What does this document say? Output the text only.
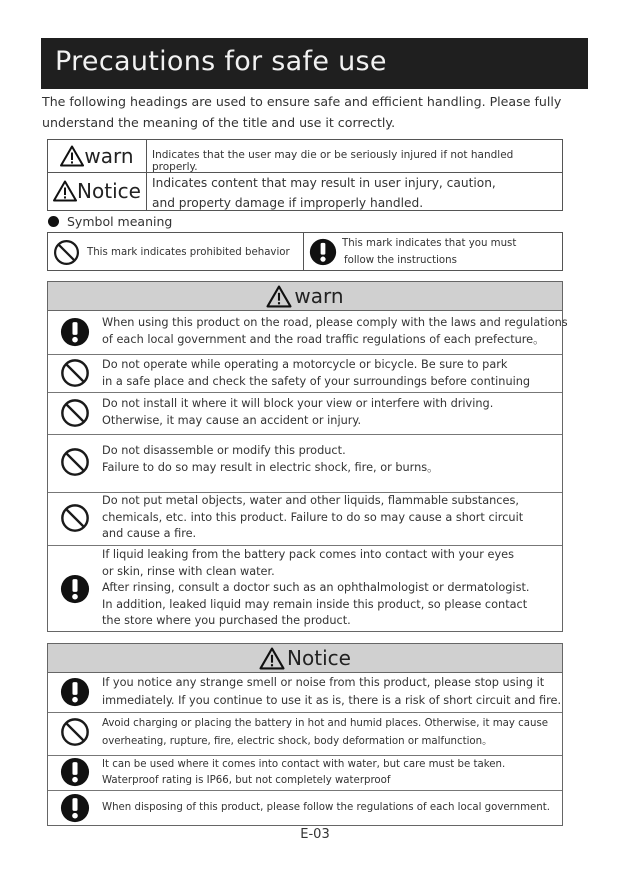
Precautions for safe use
The following headings are used to ensure safe and efficient handling. Please fully understand the meaning of the title and use it correctly.
warn Indicates that the user may die or be seriously injured if not handled properly.
Notice Indicates content that may result in user injury, caution,
and property damage if improperly handled.
Symbol meaning
This mark indicates prohibited behavior
This mark indicates that you must
follow the instructions
warn
When using this product on the road, please comply with the laws and regulations
of each local government and the road traffic regulations of each prefecture。
Do not operate while operating a motorcycle or bicycle. Be sure to park
in a safe place and check the safety of your surroundings before continuing
Do not install it where it will block your view or interfere with driving.
Otherwise, it may cause an accident or injury.
Do not disassemble or modify this product.
Failure to do so may result in electric shock, fire, or burns。
Do not put metal objects, water and other liquids, flammable substances,
chemicals, etc. into this product. Failure to do so may cause a short circuit
and cause a fire.
If liquid leaking from the battery pack comes into contact with your eyes
or skin, rinse with clean water.
After rinsing, consult a doctor such as an ophthalmologist or dermatologist.
In addition, leaked liquid may remain inside this product, so please contact
the store where you purchased the product.
Notice
If you notice any strange smell or noise from this product, please stop using it
immediately. If you continue to use it as is, there is a risk of short circuit and fire.
Avoid charging or placing the battery in hot and humid places. Otherwise, it may cause
overheating, rupture, fire, electric shock, body deformation or malfunction。
It can be used where it comes into contact with water, but care must be taken.
Waterproof rating is IP66, but not completely waterproof
When disposing of this product, please follow the regulations of each local government.
E-03
